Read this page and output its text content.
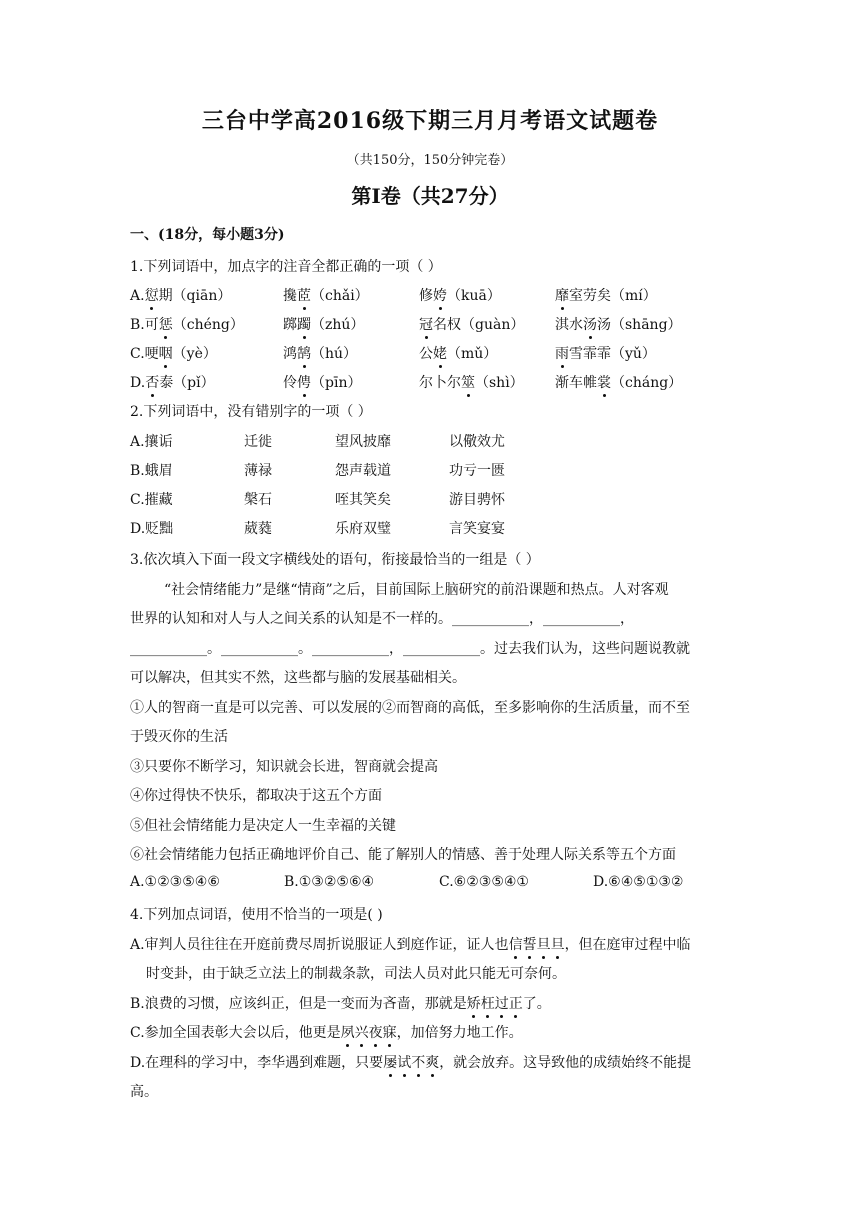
三台中学高2016级下期三月月考语文试题卷
（共150分，150分钟完卷）
第Ⅰ卷（共27分）
一、(18分，每小题3分)
1.下列词语中，加点字的注音全都正确的一项（ ）
A.愆期（qiān）	攙茝（chǎi）	修姱（kuā）	靡室劳矣（mí）
B.可惩（chéng）	踯躅（zhú）	冠名权（guàn） 淇水汤汤（shāng）
C.哽咽（yè）	鸿鹄（hú）	公姥（mǔ）	雨雪霏霏（yǔ）
D.否泰（pǐ）	伶俜（pīn）	尔卜尔筮（shì） 渐车帷裳（cháng）
2.下列词语中，没有错别字的一项（ ）
A.攘诟	迁徙	望风披靡	以儆效尤
B.蛾眉	薄禄	怨声载道	功亏一匮
C.摧藏	槃石	咥其笑矣	游目骋怀
D.贬黜	葳蕤	乐府双璧	言笑宴宴
3.依次填入下面一段文字横线处的语句，衔接最恰当的一组是（ ）
“社会情绪能力”是继“情商”之后，目前国际上脑研究的前沿课题和热点。人对客观
世界的认知和对人与人之间关系的认知是不一样的。___________，___________，
___________。___________。___________，___________。过去我们认为，这些问题说教就
可以解决，但其实不然，这些都与脑的发展基础相关。
①人的智商一直是可以完善、可以发展的②而智商的高低，至多影响你的生活质量，而不至
于毁灭你的生活
③只要你不断学习，知识就会长进，智商就会提高
④你过得快不快乐，都取决于这五个方面
⑤但社会情绪能力是决定人一生幸福的关键
⑥社会情绪能力包括正确地评价自己、能了解别人的情感、善于处理人际关系等五个方面
A.①②③⑤④⑥	B.①③②⑤⑥④	C.⑥②③⑤④①	D.⑥④⑤①③②
4.下列加点词语，使用不恰当的一项是( )
A.审判人员往往在开庭前费尽周折说服证人到庭作证，证人也信誓旦旦，但在庭审过程中临
时变卦，由于缺乏立法上的制裁条款，司法人员对此只能无可奈何。
B.浪费的习惯，应该纠正，但是一变而为吝啬，那就是矫枉过正了。
C.参加全国表彰大会以后，他更是夙兴夜寐，加倍努力地工作。
D.在理科的学习中，李华遇到难题，只要屡试不爽，就会放弃。这导致他的成绩始终不能提
高。
